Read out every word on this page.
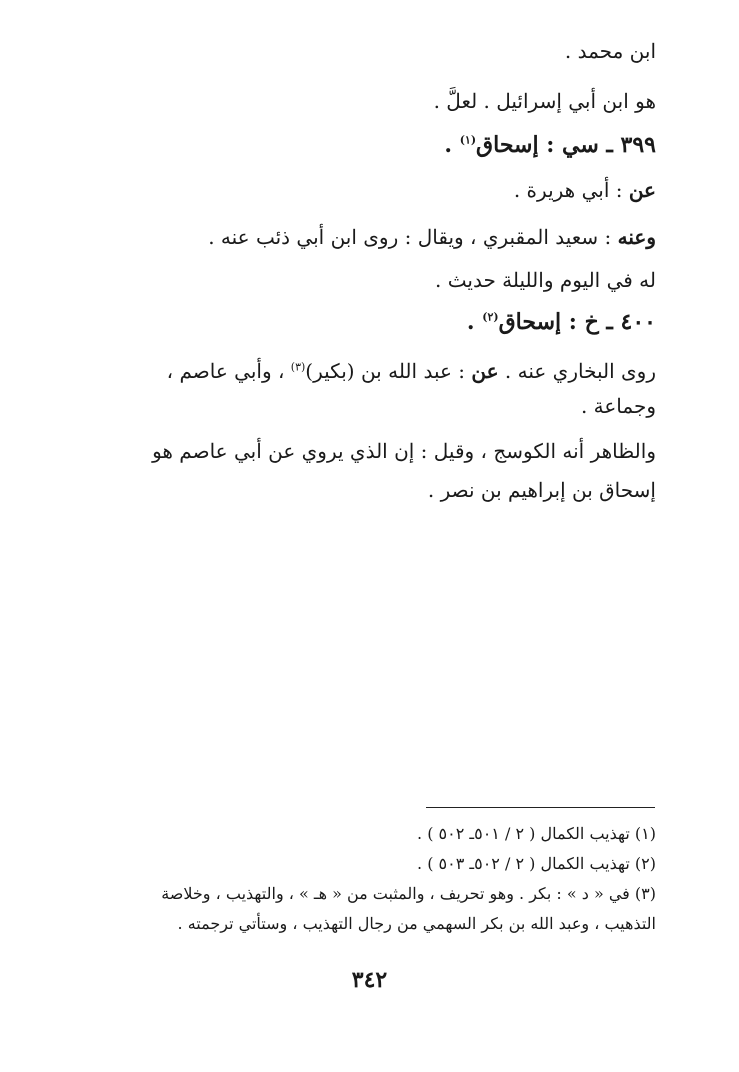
ابن محمد .
هو ابن أبي إسرائيل . لعلَّ .
٣٩٩ ـ سي : إسحاق$^{(١)}$ .
عن : أبي هريرة .
وعنه : سعيد المقبري ، ويقال : روى ابن أبي ذئب عنه .
له في اليوم والليلة حديث .
٤٠٠ ـ خ : إسحاق$^{(٢)}$ .
روى البخاري عنه . عن : عبد الله بن (بكير)$^{(٣)}$ ، وأبي عاصم ،
وجماعة .
والظاهر أنه الكوسج ، وقيل : إن الذي يروي عن أبي عاصم هو
إسحاق بن إبراهيم بن نصر .
(١) تهذيب الكمال ( ٢ / ٥٠١ـ ٥٠٢ ) .
(٢) تهذيب الكمال ( ٢ / ٥٠٢ـ ٥٠٣ ) .
(٣) في « د » : بكر . وهو تحريف ، والمثبت من « هـ » ، والتهذيب ، وخلاصة
التذهيب ، وعبد الله بن بكر السهمي من رجال التهذيب ، وستأتي ترجمته .
٣٤٢
